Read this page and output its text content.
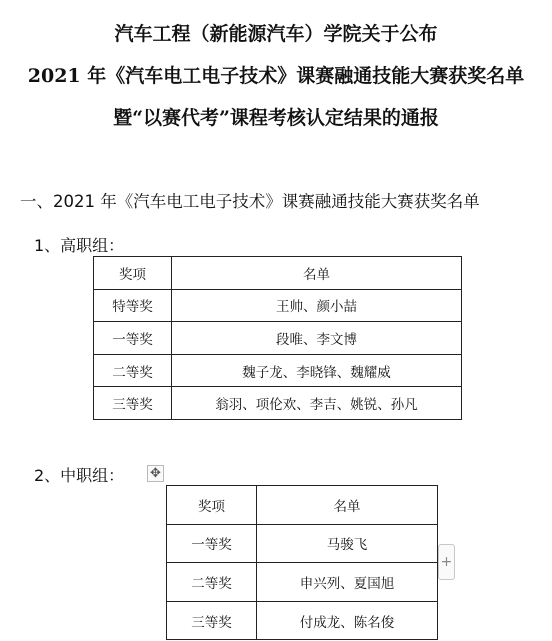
汽车工程（新能源汽车）学院关于公布
2021 年《汽车电工电子技术》课赛融通技能大赛获奖名单
暨“以赛代考”课程考核认定结果的通报
一、2021 年《汽车电工电子技术》课赛融通技能大赛获奖名单
1、高职组：
奖项	名单
特等奖	王帅、颜小喆
一等奖	段唯、李文博
二等奖	魏子龙、李晓锋、魏耀威
三等奖	翁羽、项伦欢、李吉、姚锐、孙凡
2、中职组： ✥
奖项	名单
一等奖	马骏飞
二等奖	申兴列、夏国旭
三等奖	付成龙、陈名俊
+
